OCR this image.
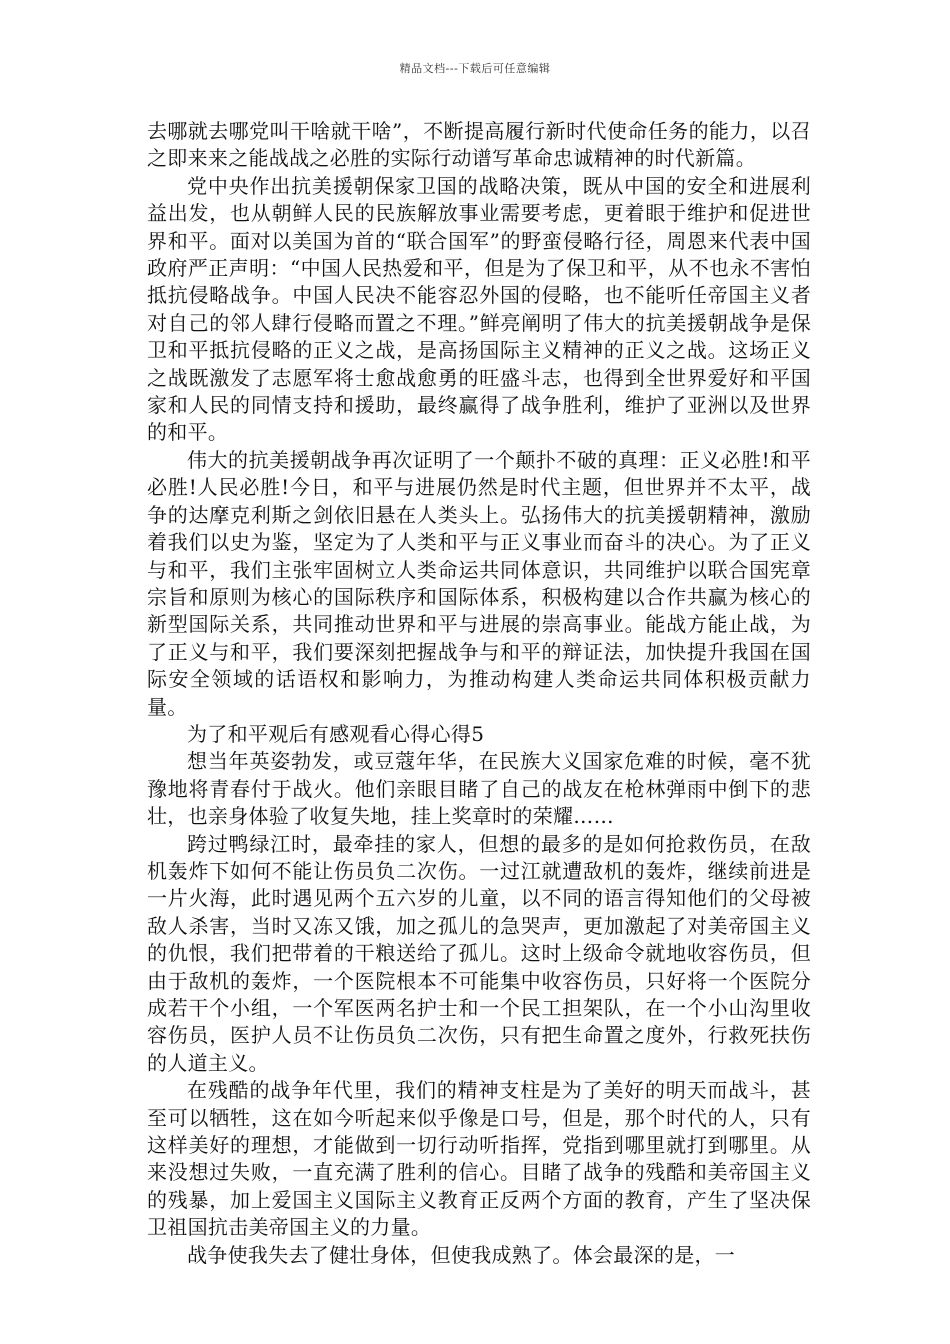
精品文档---下载后可任意编辑

去哪就去哪党叫干啥就干啥”，不断提高履行新时代使命任务的能力，以召之即来来之能战战之必胜的实际行动谱写革命忠诚精神的时代新篇。

党中央作出抗美援朝保家卫国的战略决策，既从中国的安全和进展利益出发，也从朝鲜人民的民族解放事业需要考虑，更着眼于维护和促进世界和平。面对以美国为首的“联合国军”的野蛮侵略行径，周恩来代表中国政府严正声明：“中国人民热爱和平，但是为了保卫和平，从不也永不害怕抵抗侵略战争。中国人民决不能容忍外国的侵略，也不能听任帝国主义者对自己的邻人肆行侵略而置之不理。”鲜亮阐明了伟大的抗美援朝战争是保卫和平抵抗侵略的正义之战，是高扬国际主义精神的正义之战。这场正义之战既激发了志愿军将士愈战愈勇的旺盛斗志，也得到全世界爱好和平国家和人民的同情支持和援助，最终赢得了战争胜利，维护了亚洲以及世界的和平。

伟大的抗美援朝战争再次证明了一个颠扑不破的真理：正义必胜!和平必胜!人民必胜!今日，和平与进展仍然是时代主题，但世界并不太平，战争的达摩克利斯之剑依旧悬在人类头上。弘扬伟大的抗美援朝精神，激励着我们以史为鉴，坚定为了人类和平与正义事业而奋斗的决心。为了正义与和平，我们主张牢固树立人类命运共同体意识，共同维护以联合国宪章宗旨和原则为核心的国际秩序和国际体系，积极构建以合作共赢为核心的新型国际关系，共同推动世界和平与进展的崇高事业。能战方能止战，为了正义与和平，我们要深刻把握战争与和平的辩证法，加快提升我国在国际安全领域的话语权和影响力，为推动构建人类命运共同体积极贡献力量。

为了和平观后有感观看心得心得5

想当年英姿勃发，或豆蔻年华，在民族大义国家危难的时候，毫不犹豫地将青春付于战火。他们亲眼目睹了自己的战友在枪林弹雨中倒下的悲壮，也亲身体验了收复失地，挂上奖章时的荣耀……

跨过鸭绿江时，最牵挂的家人，但想的最多的是如何抢救伤员，在敌机轰炸下如何不能让伤员负二次伤。一过江就遭敌机的轰炸，继续前进是一片火海，此时遇见两个五六岁的儿童，以不同的语言得知他们的父母被敌人杀害，当时又冻又饿，加之孤儿的急哭声，更加激起了对美帝国主义的仇恨，我们把带着的干粮送给了孤儿。这时上级命令就地收容伤员，但由于敌机的轰炸，一个医院根本不可能集中收容伤员，只好将一个医院分成若干个小组，一个军医两名护士和一个民工担架队，在一个小山沟里收容伤员，医护人员不让伤员负二次伤，只有把生命置之度外，行救死扶伤的人道主义。

在残酷的战争年代里，我们的精神支柱是为了美好的明天而战斗，甚至可以牺牲，这在如今听起来似乎像是口号，但是，那个时代的人，只有这样美好的理想，才能做到一切行动听指挥，党指到哪里就打到哪里。从来没想过失败，一直充满了胜利的信心。目睹了战争的残酷和美帝国主义的残暴，加上爱国主义国际主义教育正反两个方面的教育，产生了坚决保卫祖国抗击美帝国主义的力量。

战争使我失去了健壮身体，但使我成熟了。体会最深的是，一
